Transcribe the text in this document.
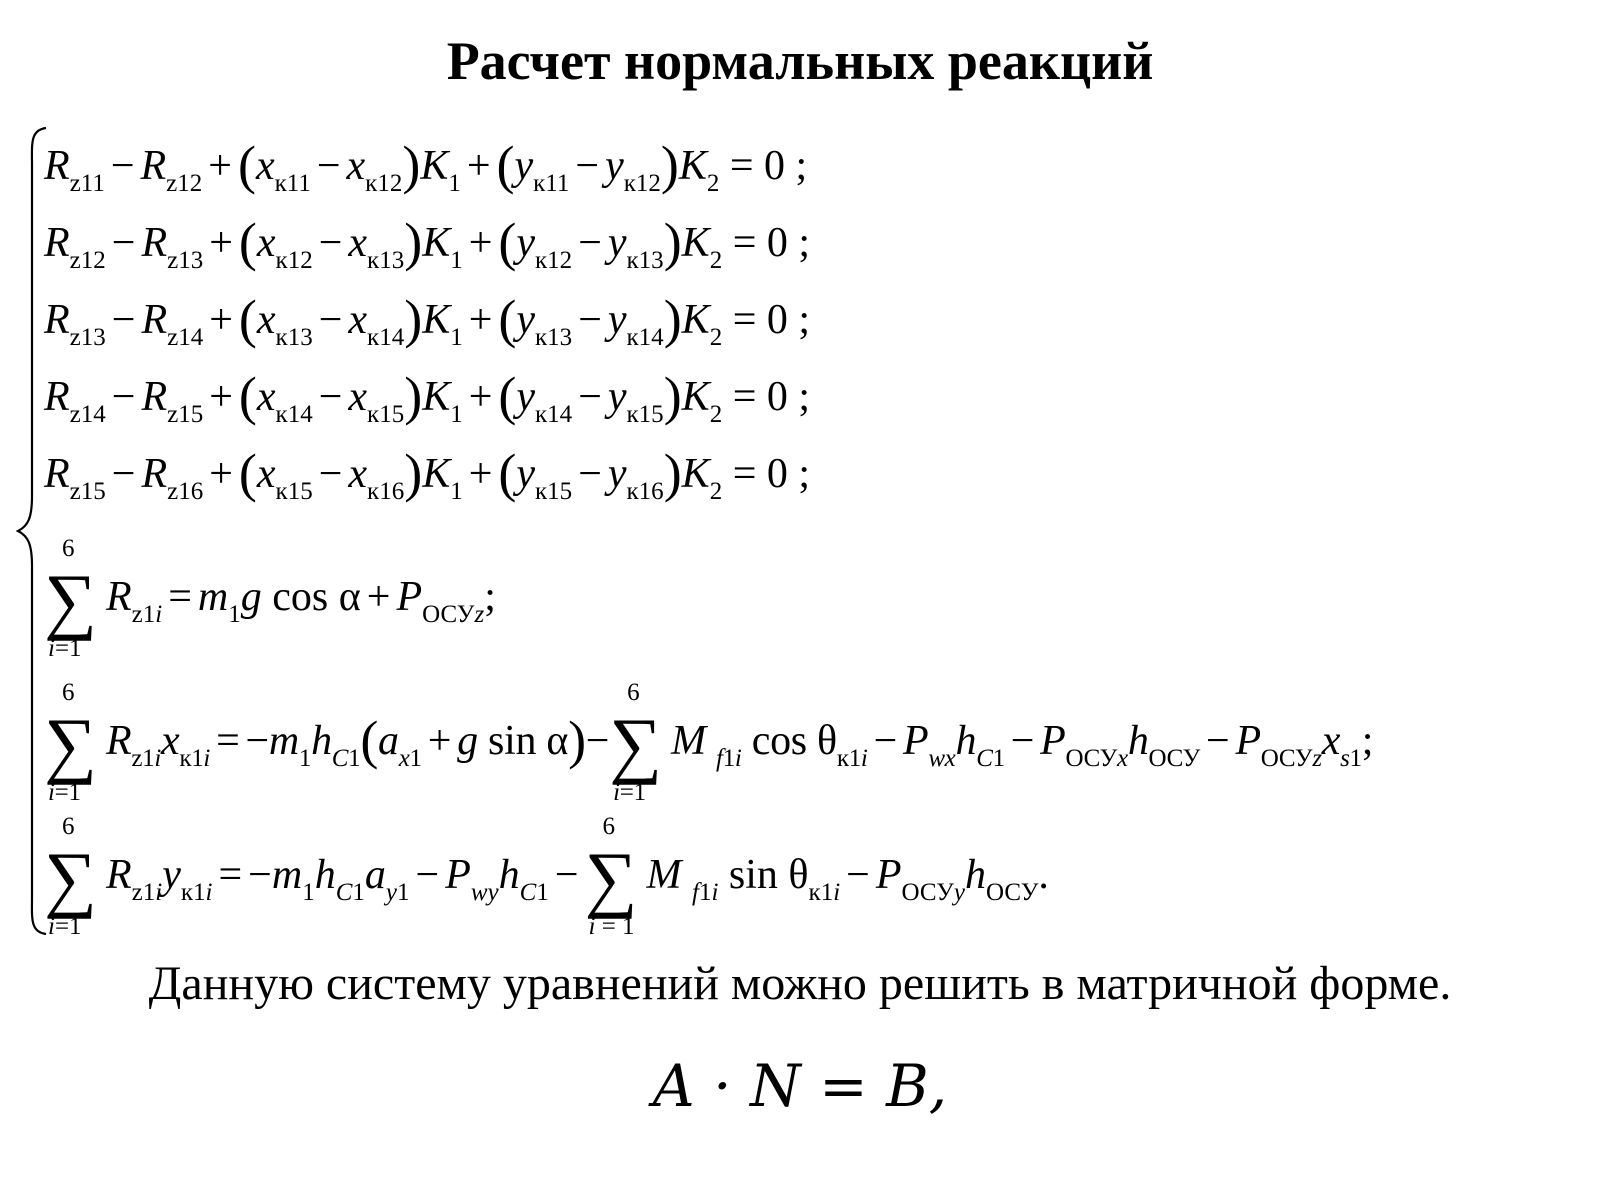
Расчет нормальных реакций
$R_{z11} - R_{z12} + (x_{к11} - x_{к12})K_1 + (y_{к11} - y_{к12})K_2 = 0$ ;
$R_{z12} - R_{z13} + (x_{к12} - x_{к13})K_1 + (y_{к12} - y_{к13})K_2 = 0$ ;
$R_{z13} - R_{z14} + (x_{к13} - x_{к14})K_1 + (y_{к13} - y_{к14})K_2 = 0$ ;
$R_{z14} - R_{z15} + (x_{к14} - x_{к15})K_1 + (y_{к14} - y_{к15})K_2 = 0$ ;
$R_{z15} - R_{z16} + (x_{к15} - x_{к16})K_1 + (y_{к15} - y_{к16})K_2 = 0$ ;
6
∑
i=1
$R_{z1i} = m_1g$ $\cos \alpha + P_{ОСУz}$;
6
∑
i=1
$R_{z1i}x_{к1i} = -m_1h_{C1}(a_{x1} + g$ sin α)−
6
∑
i=1
M $_{f1i}$ $\cos \theta_{к1i} - P_{wx}h_{C1} - P_{ОСУx}h_{ОСУ} - P_{ОСУz}x_{s1}$;
6
∑
i=1
$R_{z1i}y_{к1i} = -m_1h_{C1}a_{y1} - P_{wy}h_{C1}$ −
6
∑
i = 1
M $_{f1i}$ $\sin \theta_{к1i} - P_{ОСУy}h_{ОСУ}$.
Данную систему уравнений можно решить в матричной форме.
A · N = B,
